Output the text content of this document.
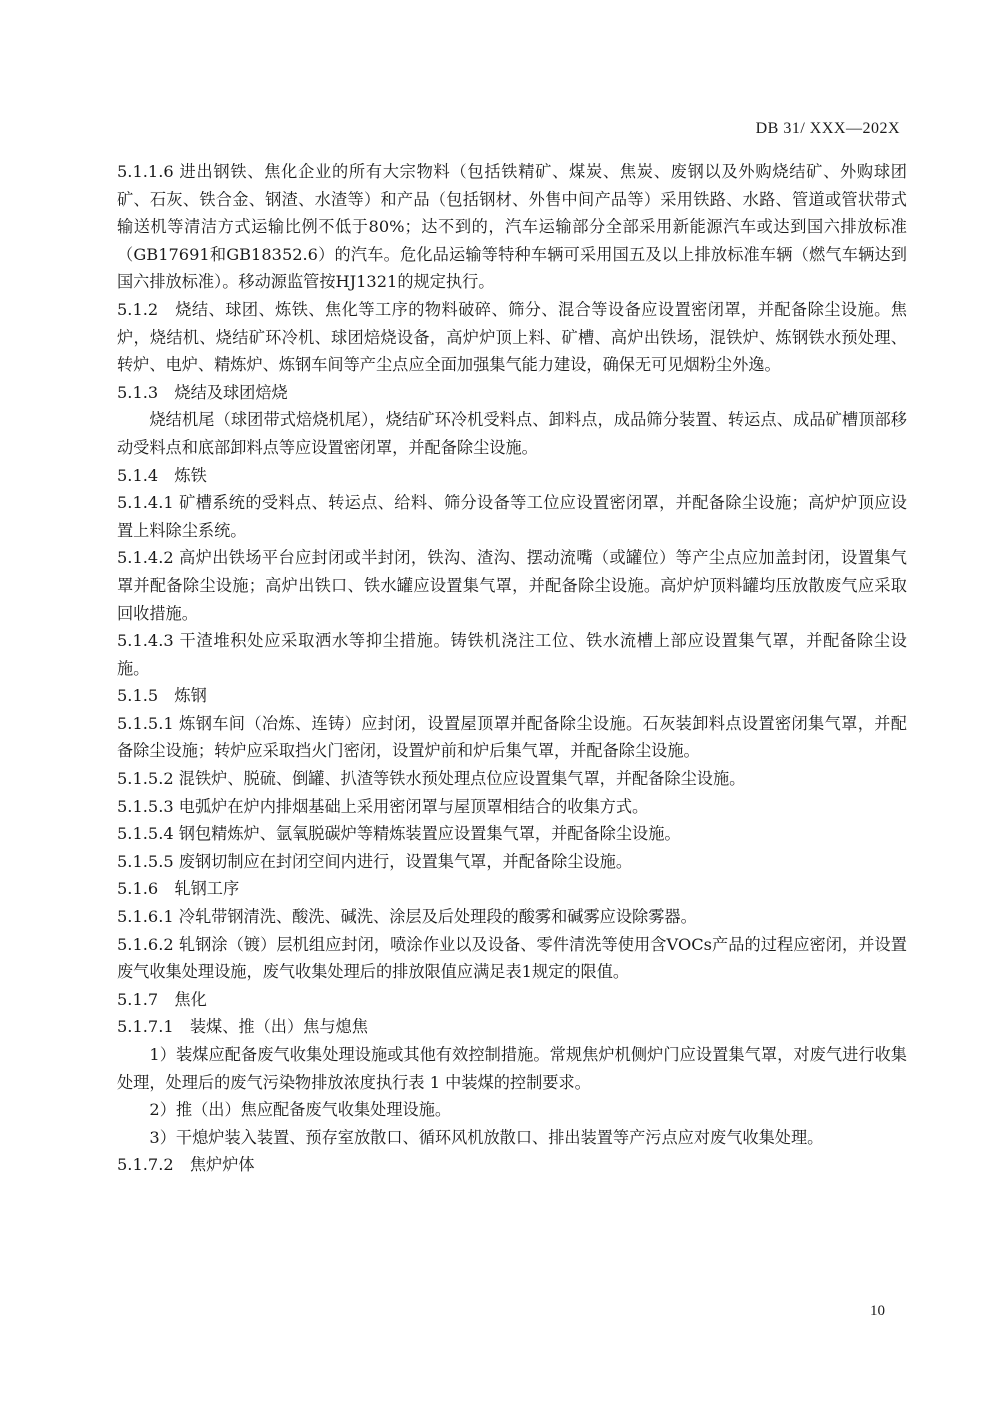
DB 31/ XXX—202X

5.1.1.6 进出钢铁、焦化企业的所有大宗物料（包括铁精矿、煤炭、焦炭、废钢以及外购烧结矿、外购球团矿、石灰、铁合金、钢渣、水渣等）和产品（包括钢材、外售中间产品等）采用铁路、水路、管道或管状带式输送机等清洁方式运输比例不低于80%；达不到的，汽车运输部分全部采用新能源汽车或达到国六排放标准（GB17691和GB18352.6）的汽车。危化品运输等特种车辆可采用国五及以上排放标准车辆（燃气车辆达到国六排放标准）。移动源监管按HJ1321的规定执行。

5.1.2　烧结、球团、炼铁、焦化等工序的物料破碎、筛分、混合等设备应设置密闭罩，并配备除尘设施。焦炉，烧结机、烧结矿环冷机、球团焙烧设备，高炉炉顶上料、矿槽、高炉出铁场，混铁炉、炼钢铁水预处理、转炉、电炉、精炼炉、炼钢车间等产尘点应全面加强集气能力建设，确保无可见烟粉尘外逸。

5.1.3　烧结及球团焙烧

烧结机尾（球团带式焙烧机尾），烧结矿环冷机受料点、卸料点，成品筛分装置、转运点、成品矿槽顶部移动受料点和底部卸料点等应设置密闭罩，并配备除尘设施。

5.1.4　炼铁

5.1.4.1 矿槽系统的受料点、转运点、给料、筛分设备等工位应设置密闭罩，并配备除尘设施；高炉炉顶应设置上料除尘系统。

5.1.4.2 高炉出铁场平台应封闭或半封闭，铁沟、渣沟、摆动流嘴（或罐位）等产尘点应加盖封闭，设置集气罩并配备除尘设施；高炉出铁口、铁水罐应设置集气罩，并配备除尘设施。高炉炉顶料罐均压放散废气应采取回收措施。

5.1.4.3 干渣堆积处应采取洒水等抑尘措施。铸铁机浇注工位、铁水流槽上部应设置集气罩，并配备除尘设施。

5.1.5　炼钢

5.1.5.1 炼钢车间（冶炼、连铸）应封闭，设置屋顶罩并配备除尘设施。石灰装卸料点设置密闭集气罩，并配备除尘设施；转炉应采取挡火门密闭，设置炉前和炉后集气罩，并配备除尘设施。

5.1.5.2 混铁炉、脱硫、倒罐、扒渣等铁水预处理点位应设置集气罩，并配备除尘设施。

5.1.5.3 电弧炉在炉内排烟基础上采用密闭罩与屋顶罩相结合的收集方式。

5.1.5.4 钢包精炼炉、氩氧脱碳炉等精炼装置应设置集气罩，并配备除尘设施。

5.1.5.5 废钢切制应在封闭空间内进行，设置集气罩，并配备除尘设施。

5.1.6　轧钢工序

5.1.6.1 冷轧带钢清洗、酸洗、碱洗、涂层及后处理段的酸雾和碱雾应设除雾器。

5.1.6.2 轧钢涂（镀）层机组应封闭，喷涂作业以及设备、零件清洗等使用含VOCs产品的过程应密闭，并设置废气收集处理设施，废气收集处理后的排放限值应满足表1规定的限值。

5.1.7　焦化

5.1.7.1　装煤、推（出）焦与熄焦

1）装煤应配备废气收集处理设施或其他有效控制措施。常规焦炉机侧炉门应设置集气罩，对废气进行收集处理，处理后的废气污染物排放浓度执行表 1 中装煤的控制要求。

2）推（出）焦应配备废气收集处理设施。

3）干熄炉装入装置、预存室放散口、循环风机放散口、排出装置等产污点应对废气收集处理。

5.1.7.2　焦炉炉体

10
